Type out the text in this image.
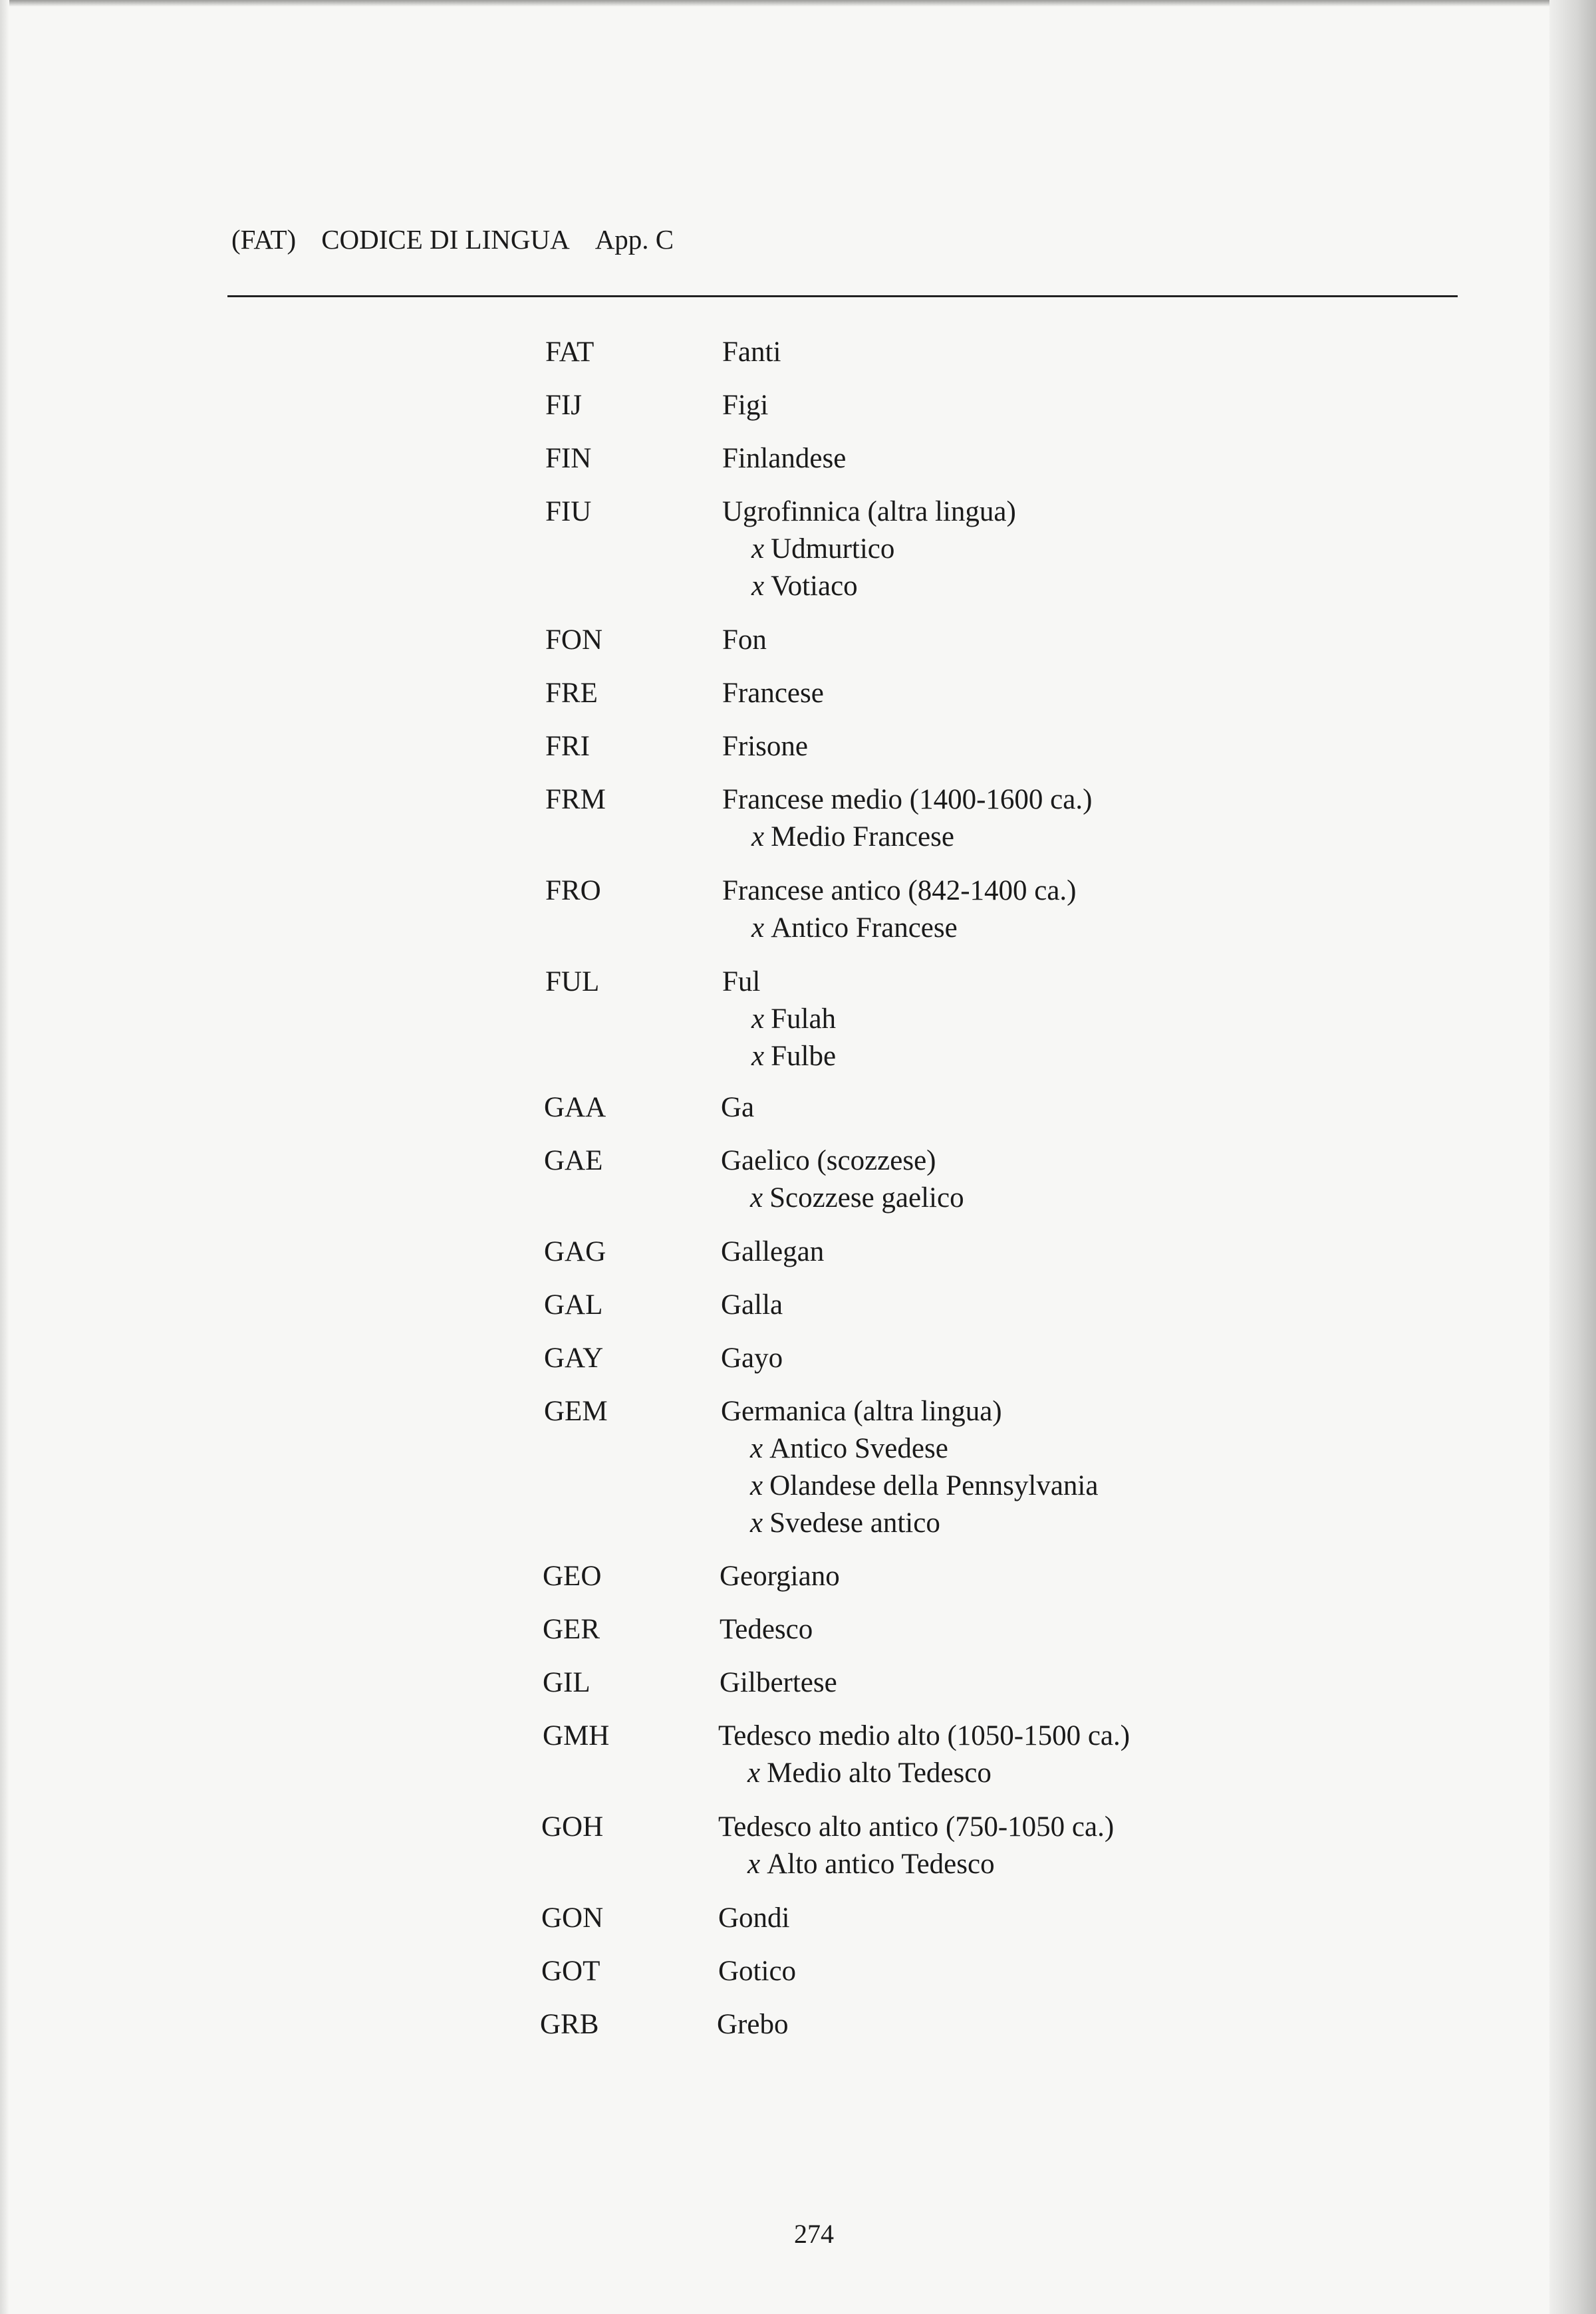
(FAT) CODICE DI LINGUA App. C
FAT	Fanti
FIJ	Figi
FIN	Finlandese
FIU	Ugrofinnica (altra lingua)
x Udmurtico
x Votiaco
FON	Fon
FRE	Francese
FRI	Frisone
FRM	Francese medio (1400-1600 ca.)
x Medio Francese
FRO	Francese antico (842-1400 ca.)
x Antico Francese
FUL	Ful
x Fulah
x Fulbe
GAA	Ga
GAE	Gaelico (scozzese)
x Scozzese gaelico
GAG	Gallegan
GAL	Galla
GAY	Gayo
GEM	Germanica (altra lingua)
x Antico Svedese
x Olandese della Pennsylvania
x Svedese antico
GEO	Georgiano
GER	Tedesco
GIL	Gilbertese
GMH	Tedesco medio alto (1050-1500 ca.)
x Medio alto Tedesco
GOH	Tedesco alto antico (750-1050 ca.)
x Alto antico Tedesco
GON	Gondi
GOT	Gotico
GRB	Grebo
274
